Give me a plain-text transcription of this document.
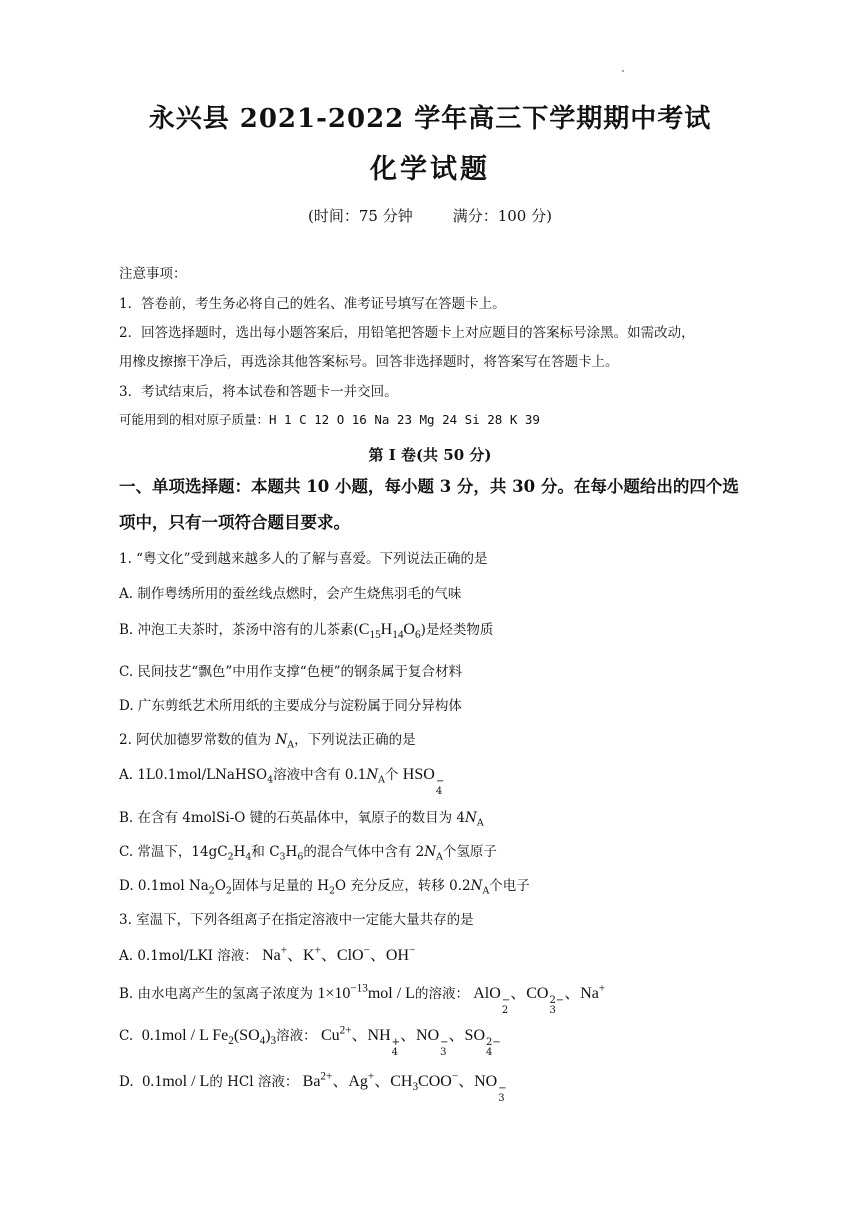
永兴县 2021-2022 学年高三下学期期中考试
化学试题
(时间：75 分钟	满分：100 分)
注意事项：
1．答卷前，考生务必将自己的姓名、准考证号填写在答题卡上。
2．回答选择题时，选出每小题答案后，用铅笔把答题卡上对应题目的答案标号涂黑。如需改动，
用橡皮擦擦干净后，再选涂其他答案标号。回答非选择题时，将答案写在答题卡上。
3．考试结束后，将本试卷和答题卡一并交回。
可能用到的相对原子质量：H 1 C 12 O 16 Na 23 Mg 24 Si 28 K 39
第 I 卷(共 50 分)
一、单项选择题：本题共 10 小题，每小题 3 分，共 30 分。在每小题给出的四个选
项中，只有一项符合题目要求。
1. “粤文化”受到越来越多人的了解与喜爱。下列说法正确的是
A. 制作粤绣所用的蚕丝线点燃时，会产生烧焦羽毛的气味
B. 冲泡工夫茶时，茶汤中溶有的儿茶素$(C_{15}H_{14}O_6)$是烃类物质
C. 民间技艺“飘色”中用作支撑“色梗”的钢条属于复合材料
D. 广东剪纸艺术所用纸的主要成分与淀粉属于同分异构体
2. 阿伏加德罗常数的值为 $N_A$，下列说法正确的是
A. 1L0.1mol/LNaHSO$_4$溶液中含有 $0.1N_A$个 HSO −
4
B. 在含有 4molSi-O 键的石英晶体中，氧原子的数目为 $4N_A$
C. 常温下，$14gC_2H_4$和 $C_3H_6$的混合气体中含有 $2N_A$个氢原子
D. 0.1mol $Na_2O_2$固体与足量的 $H_2O$ 充分反应，转移 $0.2N_A$个电子
3. 室温下，下列各组离子在指定溶液中一定能大量共存的是
A. 0.1mol/LKI 溶液： Na+、K+、ClO−、OH−
B. 由水电离产生的氢离子浓度为 $1\times 10^{-13}mol / L$的溶液： AlO −
2
、CO 2−
3
、Na+
C.  0.1mol / L $Fe_2(SO_4)_3$溶液： $Cu^{2+}$、NH +
4
、NO −
3
、SO 2−
4
D.  0.1mol / L的 HCl 溶液： $Ba^{2+}$、Ag+、$CH_3COO^-$、NO −
3
